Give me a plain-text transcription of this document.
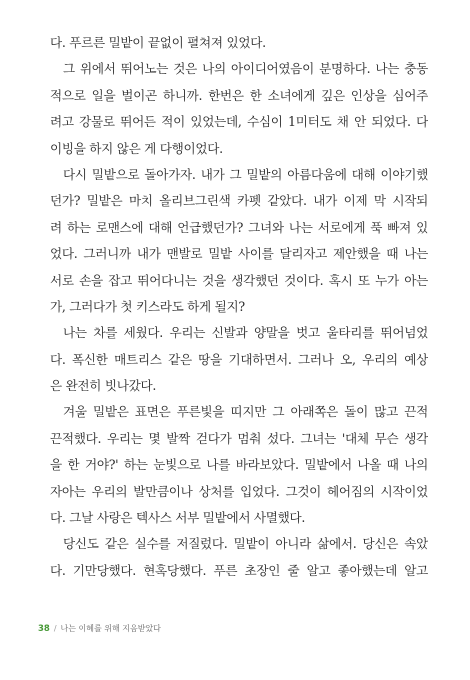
다. 푸르른 밀밭이 끝없이 펼쳐져 있었다.
그 위에서 뛰어노는 것은 나의 아이디어였음이 분명하다. 나는 충동
적으로 일을 벌이곤 하니까. 한번은 한 소녀에게 깊은 인상을 심어주
려고 강물로 뛰어든 적이 있었는데, 수심이 1미터도 채 안 되었다. 다
이빙을 하지 않은 게 다행이었다.
다시 밀밭으로 돌아가자. 내가 그 밀밭의 아름다움에 대해 이야기했
던가? 밀밭은 마치 올리브그린색 카펫 같았다. 내가 이제 막 시작되
려 하는 로맨스에 대해 언급했던가? 그녀와 나는 서로에게 푹 빠져 있
었다. 그러니까 내가 맨발로 밀밭 사이를 달리자고 제안했을 때 나는
서로 손을 잡고 뛰어다니는 것을 생각했던 것이다. 혹시 또 누가 아는
가, 그러다가 첫 키스라도 하게 될지?
나는 차를 세웠다. 우리는 신발과 양말을 벗고 울타리를 뛰어넘었
다. 폭신한 매트리스 같은 땅을 기대하면서. 그러나 오, 우리의 예상
은 완전히 빗나갔다.
겨울 밀밭은 표면은 푸른빛을 띠지만 그 아래쪽은 돌이 많고 끈적
끈적했다. 우리는 몇 발짝 걷다가 멈춰 섰다. 그녀는 '대체 무슨 생각
을 한 거야?' 하는 눈빛으로 나를 바라보았다. 밀밭에서 나올 때 나의
자아는 우리의 발만큼이나 상처를 입었다. 그것이 헤어짐의 시작이었
다. 그날 사랑은 텍사스 서부 밀밭에서 사멸했다.
당신도 같은 실수를 저질렀다. 밀밭이 아니라 삶에서. 당신은 속았
다. 기만당했다. 현혹당했다. 푸른 초장인 줄 알고 좋아했는데 알고
38 / 나는 이혜를 위해 지음받았다
